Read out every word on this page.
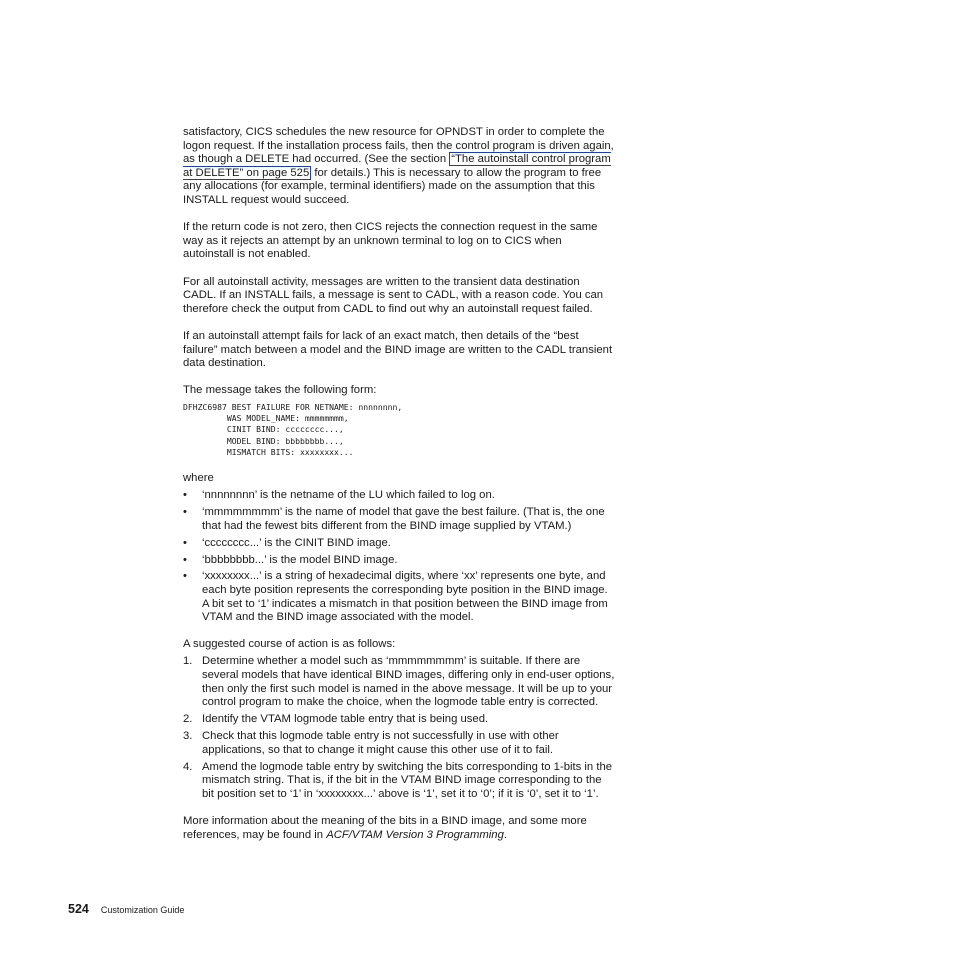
satisfactory, CICS schedules the new resource for OPNDST in order to complete the logon request. If the installation process fails, then the control program is driven again, as though a DELETE had occurred. (See the section “The autoinstall control program at DELETE” on page 525 for details.) This is necessary to allow the program to free any allocations (for example, terminal identifiers) made on the assumption that this INSTALL request would succeed.

If the return code is not zero, then CICS rejects the connection request in the same way as it rejects an attempt by an unknown terminal to log on to CICS when autoinstall is not enabled.

For all autoinstall activity, messages are written to the transient data destination CADL. If an INSTALL fails, a message is sent to CADL, with a reason code. You can therefore check the output from CADL to find out why an autoinstall request failed.

If an autoinstall attempt fails for lack of an exact match, then details of the “best failure” match between a model and the BIND image are written to the CADL transient data destination.

The message takes the following form:

DFHZC6987 BEST FAILURE FOR NETNAME: nnnnnnnn,
WAS MODEL_NAME: mmmmmmmm,
CINIT BIND: cccccccc...,
MODEL BIND: bbbbbbbb...,
MISMATCH BITS: xxxxxxxx...

where

• ‘nnnnnnnn’ is the netname of the LU which failed to log on.
• ‘mmmmmmmm’ is the name of model that gave the best failure. (That is, the one that had the fewest bits different from the BIND image supplied by VTAM.)
• ‘cccccccc...’ is the CINIT BIND image.
• ‘bbbbbbbb...’ is the model BIND image.
• ‘xxxxxxxx...’ is a string of hexadecimal digits, where ‘xx’ represents one byte, and each byte position represents the corresponding byte position in the BIND image. A bit set to ‘1’ indicates a mismatch in that position between the BIND image from VTAM and the BIND image associated with the model.

A suggested course of action is as follows:

1. Determine whether a model such as ‘mmmmmmmm’ is suitable. If there are several models that have identical BIND images, differing only in end-user options, then only the first such model is named in the above message. It will be up to your control program to make the choice, when the logmode table entry is corrected.
2. Identify the VTAM logmode table entry that is being used.
3. Check that this logmode table entry is not successfully in use with other applications, so that to change it might cause this other use of it to fail.
4. Amend the logmode table entry by switching the bits corresponding to 1-bits in the mismatch string. That is, if the bit in the VTAM BIND image corresponding to the bit position set to ‘1’ in ‘xxxxxxxx...’ above is ‘1’, set it to ‘0’; if it is ‘0’, set it to ‘1’.

More information about the meaning of the bits in a BIND image, and some more references, may be found in ACF/VTAM Version 3 Programming.

524 Customization Guide
